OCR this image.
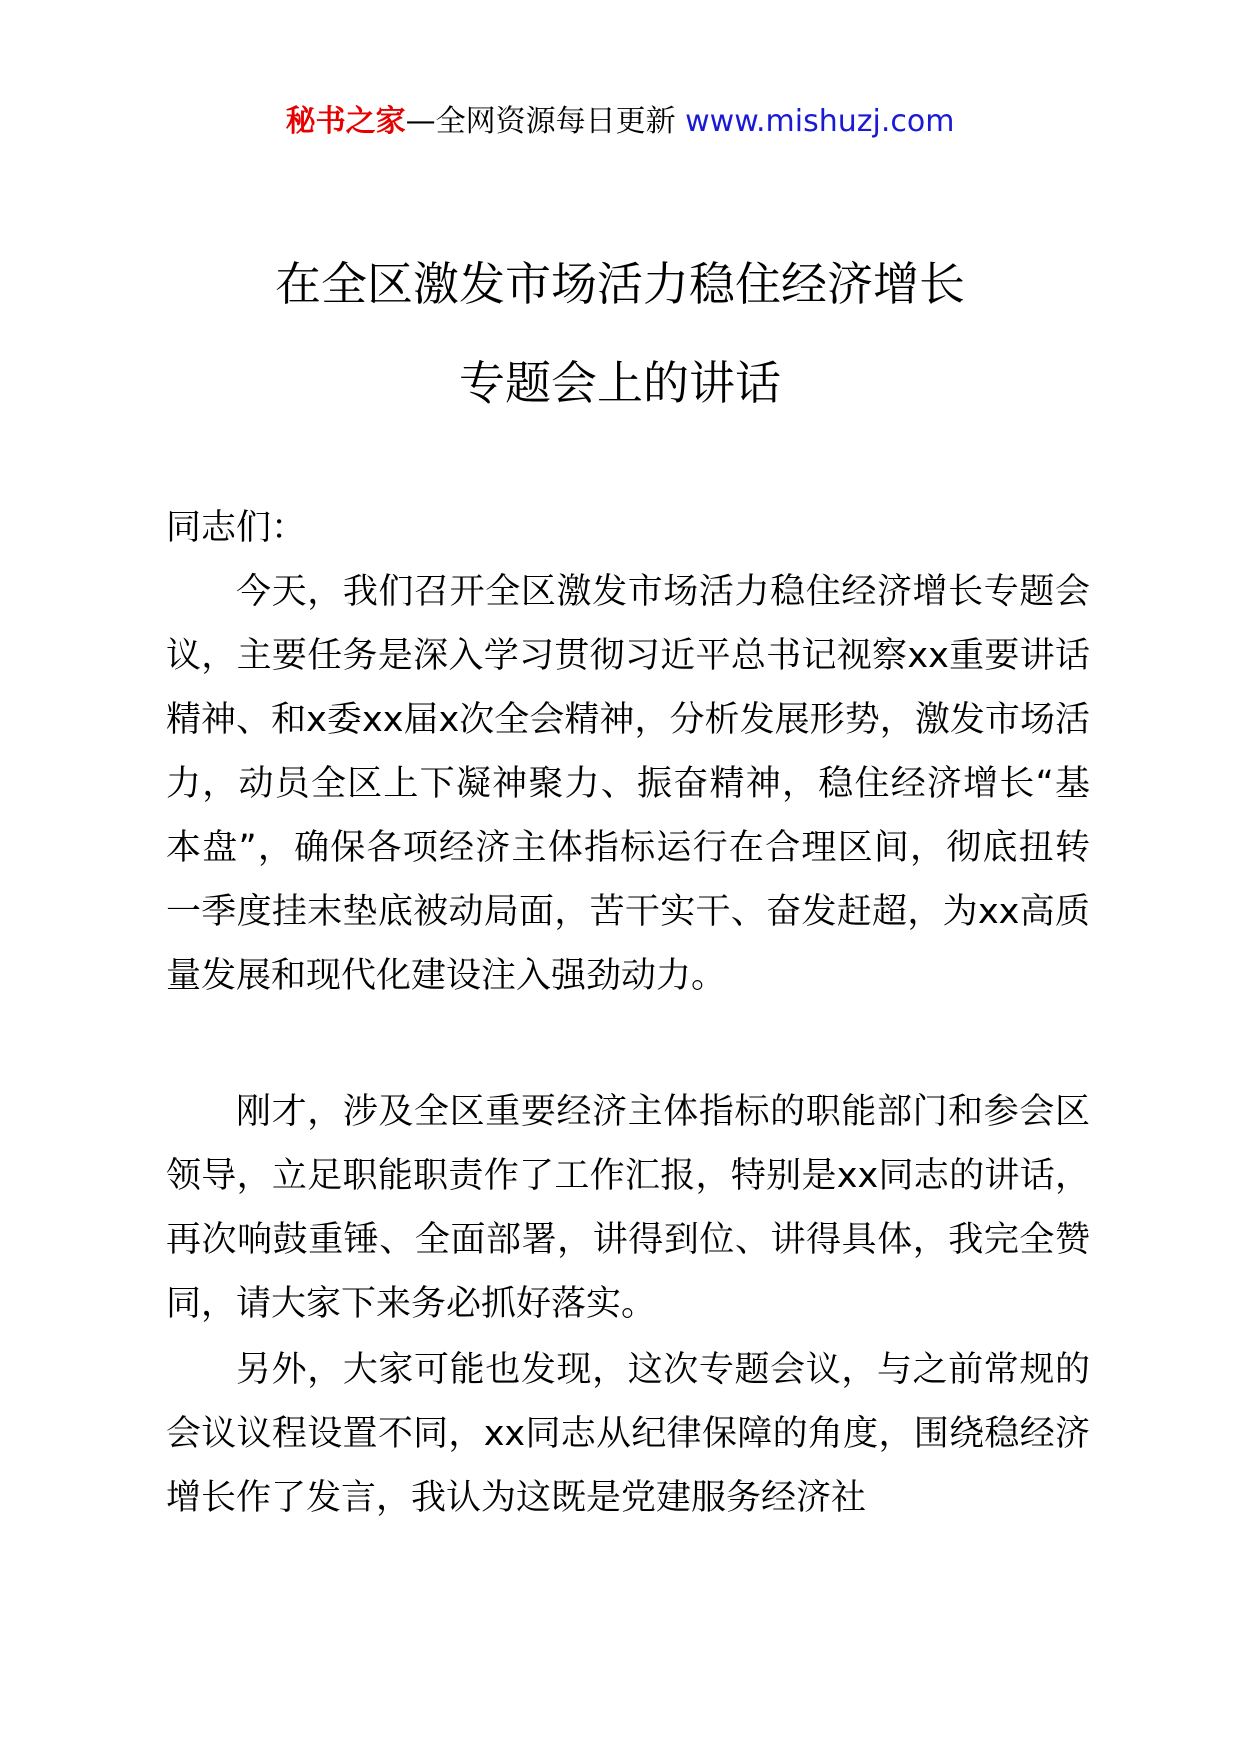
秘书之家—全网资源每日更新 www.mishuzj.com
在全区激发市场活力稳住经济增长
专题会上的讲话
同志们：
今天，我们召开全区激发市场活力稳住经济增长专题会议，主要任务是深入学习贯彻习近平总书记视察xx重要讲话精神、和x委xx届x次全会精神，分析发展形势，激发市场活力，动员全区上下凝神聚力、振奋精神，稳住经济增长“基本盘”，确保各项经济主体指标运行在合理区间，彻底扭转一季度挂末垫底被动局面，苦干实干、奋发赶超，为xx高质量发展和现代化建设注入强劲动力。
刚才，涉及全区重要经济主体指标的职能部门和参会区领导，立足职能职责作了工作汇报，特别是xx同志的讲话，再次响鼓重锤、全面部署，讲得到位、讲得具体，我完全赞同，请大家下来务必抓好落实。
另外，大家可能也发现，这次专题会议，与之前常规的会议议程设置不同，xx同志从纪律保障的角度，围绕稳经济增长作了发言，我认为这既是党建服务经济社
